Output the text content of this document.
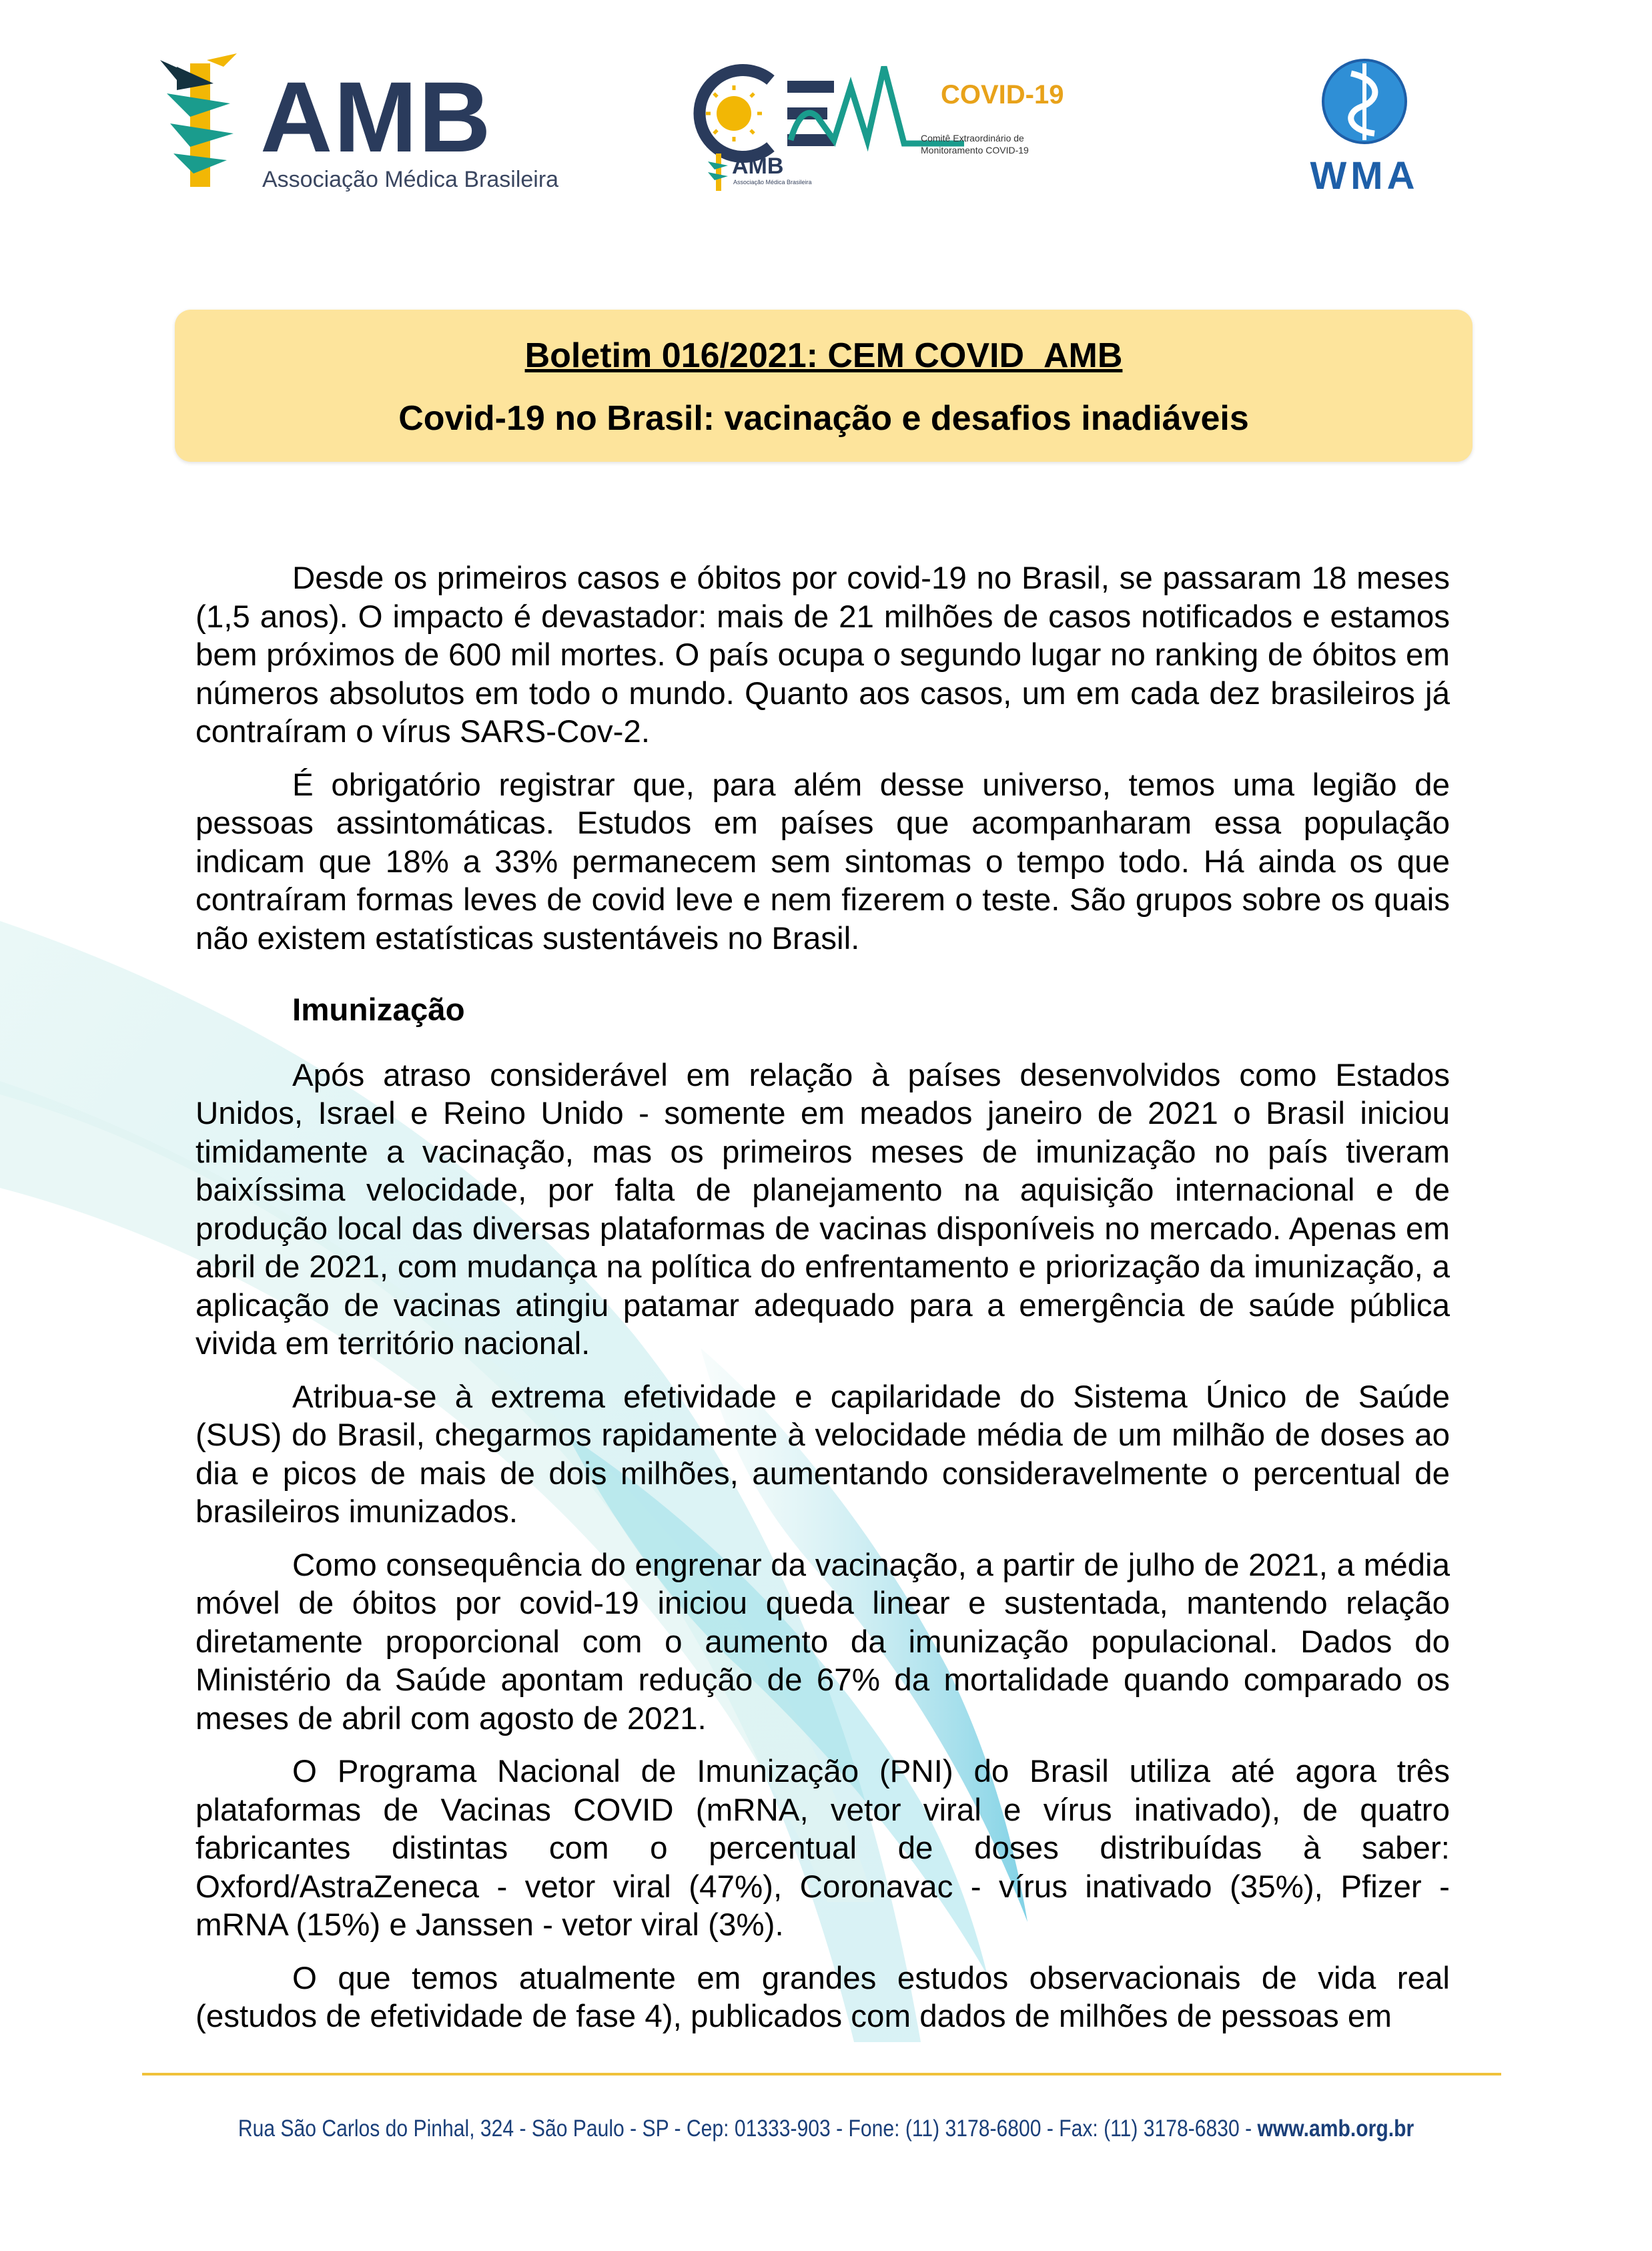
AMB
Associação Médica Brasileira
COVID-19
Comitê Extraordinário de
Monitoramento COVID-19
AMB
Associação Médica Brasileira	WMA
Boletim 016/2021: CEM COVID_AMB
Covid-19 no Brasil: vacinação e desafios inadiáveis

Desde os primeiros casos e óbitos por covid-19 no Brasil, se passaram 18 meses (1,5 anos). O impacto é devastador: mais de 21 milhões de casos notificados e estamos bem próximos de 600 mil mortes. O país ocupa o segundo lugar no ranking de óbitos em números absolutos em todo o mundo. Quanto aos casos, um em cada dez brasileiros já contraíram o vírus SARS-Cov-2.

É obrigatório registrar que, para além desse universo, temos uma legião de pessoas assintomáticas. Estudos em países que acompanharam essa população indicam que 18% a 33% permanecem sem sintomas o tempo todo. Há ainda os que contraíram formas leves de covid leve e nem fizerem o teste. São grupos sobre os quais não existem estatísticas sustentáveis no Brasil.

Imunização

Após atraso considerável em relação à países desenvolvidos como Estados Unidos, Israel e Reino Unido - somente em meados janeiro de 2021 o Brasil iniciou timidamente a vacinação, mas os primeiros meses de imunização no país tiveram baixíssima velocidade, por falta de planejamento na aquisição internacional e de produção local das diversas plataformas de vacinas disponíveis no mercado. Apenas em abril de 2021, com mudança na política do enfrentamento e priorização da imunização, a aplicação de vacinas atingiu patamar adequado para a emergência de saúde pública vivida em território nacional.

Atribua-se à extrema efetividade e capilaridade do Sistema Único de Saúde (SUS) do Brasil, chegarmos rapidamente à velocidade média de um milhão de doses ao dia e picos de mais de dois milhões, aumentando consideravelmente o percentual de brasileiros imunizados.

Como consequência do engrenar da vacinação, a partir de julho de 2021, a média móvel de óbitos por covid-19 iniciou queda linear e sustentada, mantendo relação diretamente proporcional com o aumento da imunização populacional. Dados do Ministério da Saúde apontam redução de 67% da mortalidade quando comparado os meses de abril com agosto de 2021.

O Programa Nacional de Imunização (PNI) do Brasil utiliza até agora três plataformas de Vacinas COVID (mRNA, vetor viral e vírus inativado), de quatro fabricantes distintas com o percentual de doses distribuídas à saber: Oxford/AstraZeneca - vetor viral (47%), Coronavac - vírus inativado (35%), Pfizer - mRNA (15%) e Janssen - vetor viral (3%).

O que temos atualmente em grandes estudos observacionais de vida real (estudos de efetividade de fase 4), publicados com dados de milhões de pessoas em

Rua São Carlos do Pinhal, 324 - São Paulo - SP - Cep: 01333-903 - Fone: (11) 3178-6800 - Fax: (11) 3178-6830 - www.amb.org.br
